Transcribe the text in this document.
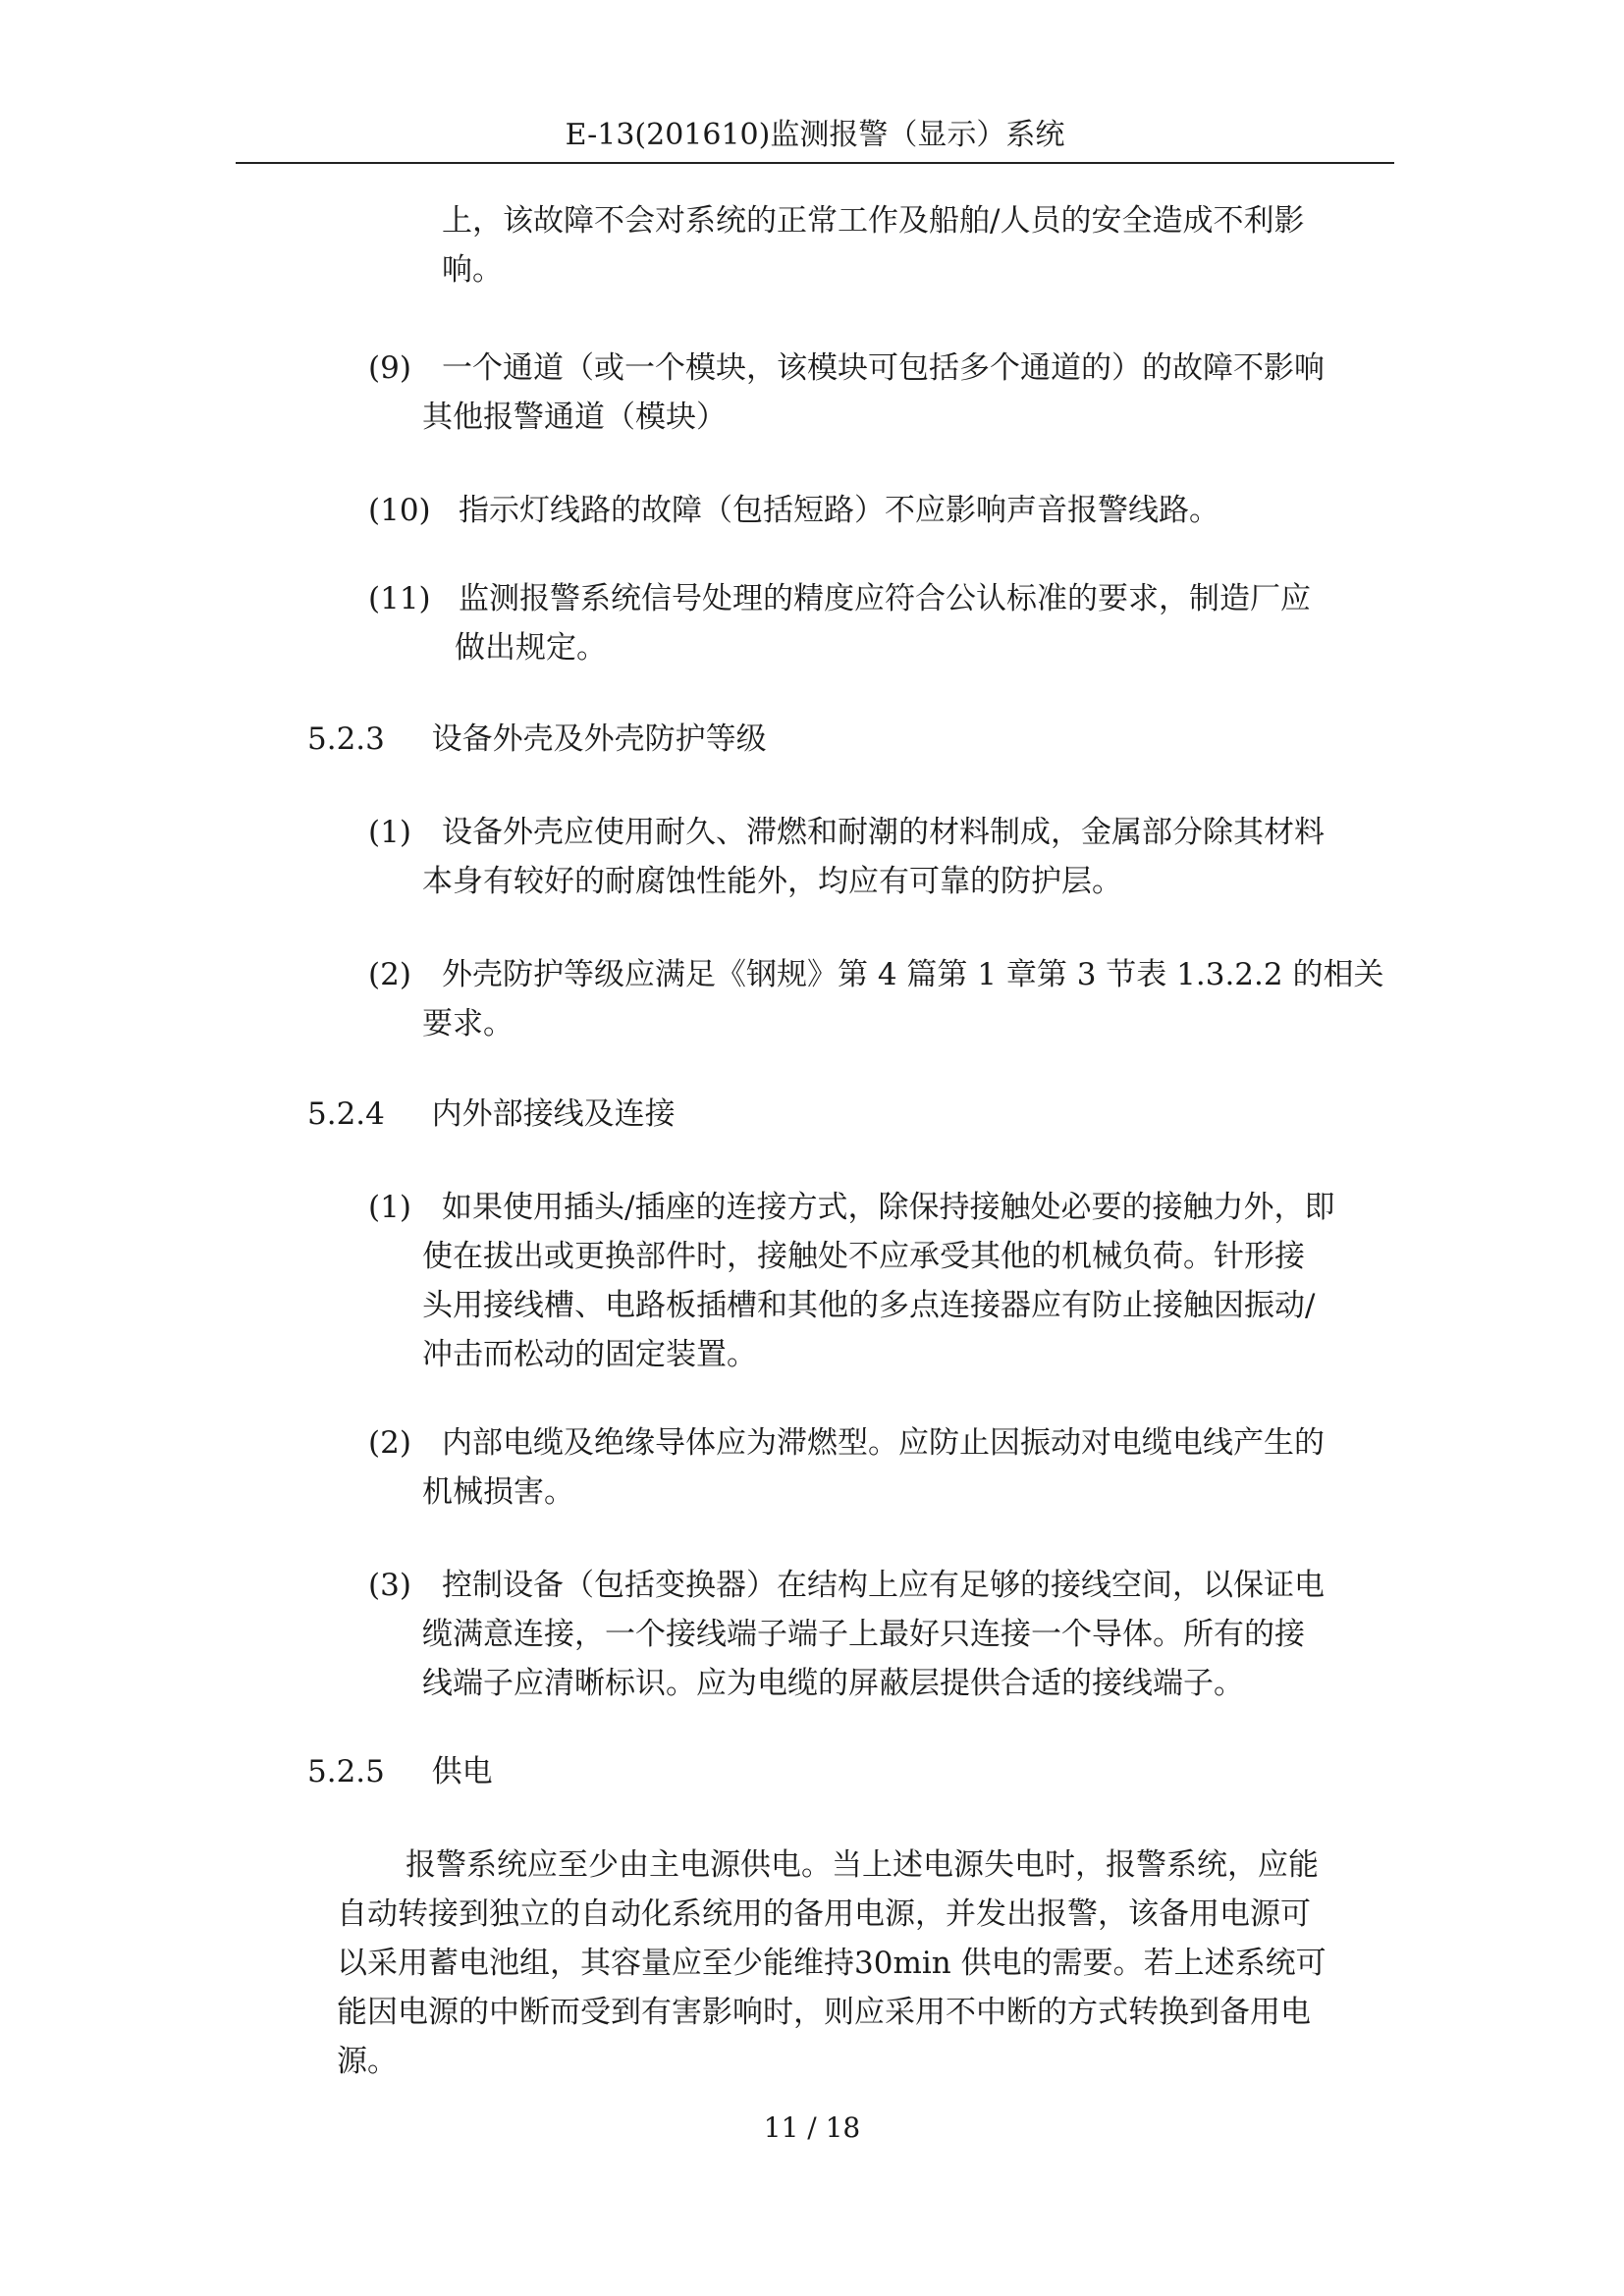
E-13(201610)监测报警（显示）系统
上，该故障不会对系统的正常工作及船舶/人员的安全造成不利影
响。
(9) 一个通道（或一个模块，该模块可包括多个通道的）的故障不影响
其他报警通道（模块）
(10) 指示灯线路的故障（包括短路）不应影响声音报警线路。
(11) 监测报警系统信号处理的精度应符合公认标准的要求，制造厂应
做出规定。
5.2.3 设备外壳及外壳防护等级
(1) 设备外壳应使用耐久、滞燃和耐潮的材料制成，金属部分除其材料
本身有较好的耐腐蚀性能外，均应有可靠的防护层。
(2) 外壳防护等级应满足《钢规》第 4 篇第 1 章第 3 节表 1.3.2.2 的相关
要求。
5.2.4 内外部接线及连接
(1) 如果使用插头/插座的连接方式，除保持接触处必要的接触力外，即
使在拔出或更换部件时，接触处不应承受其他的机械负荷。针形接
头用接线槽、电路板插槽和其他的多点连接器应有防止接触因振动/
冲击而松动的固定装置。
(2) 内部电缆及绝缘导体应为滞燃型。应防止因振动对电缆电线产生的
机械损害。
(3) 控制设备（包括变换器）在结构上应有足够的接线空间，以保证电
缆满意连接，一个接线端子端子上最好只连接一个导体。所有的接
线端子应清晰标识。应为电缆的屏蔽层提供合适的接线端子。
5.2.5 供电
报警系统应至少由主电源供电。当上述电源失电时，报警系统，应能
自动转接到独立的自动化系统用的备用电源，并发出报警，该备用电源可
以采用蓄电池组，其容量应至少能维持30min 供电的需要。若上述系统可
能因电源的中断而受到有害影响时，则应采用不中断的方式转换到备用电
源。
11 / 18
